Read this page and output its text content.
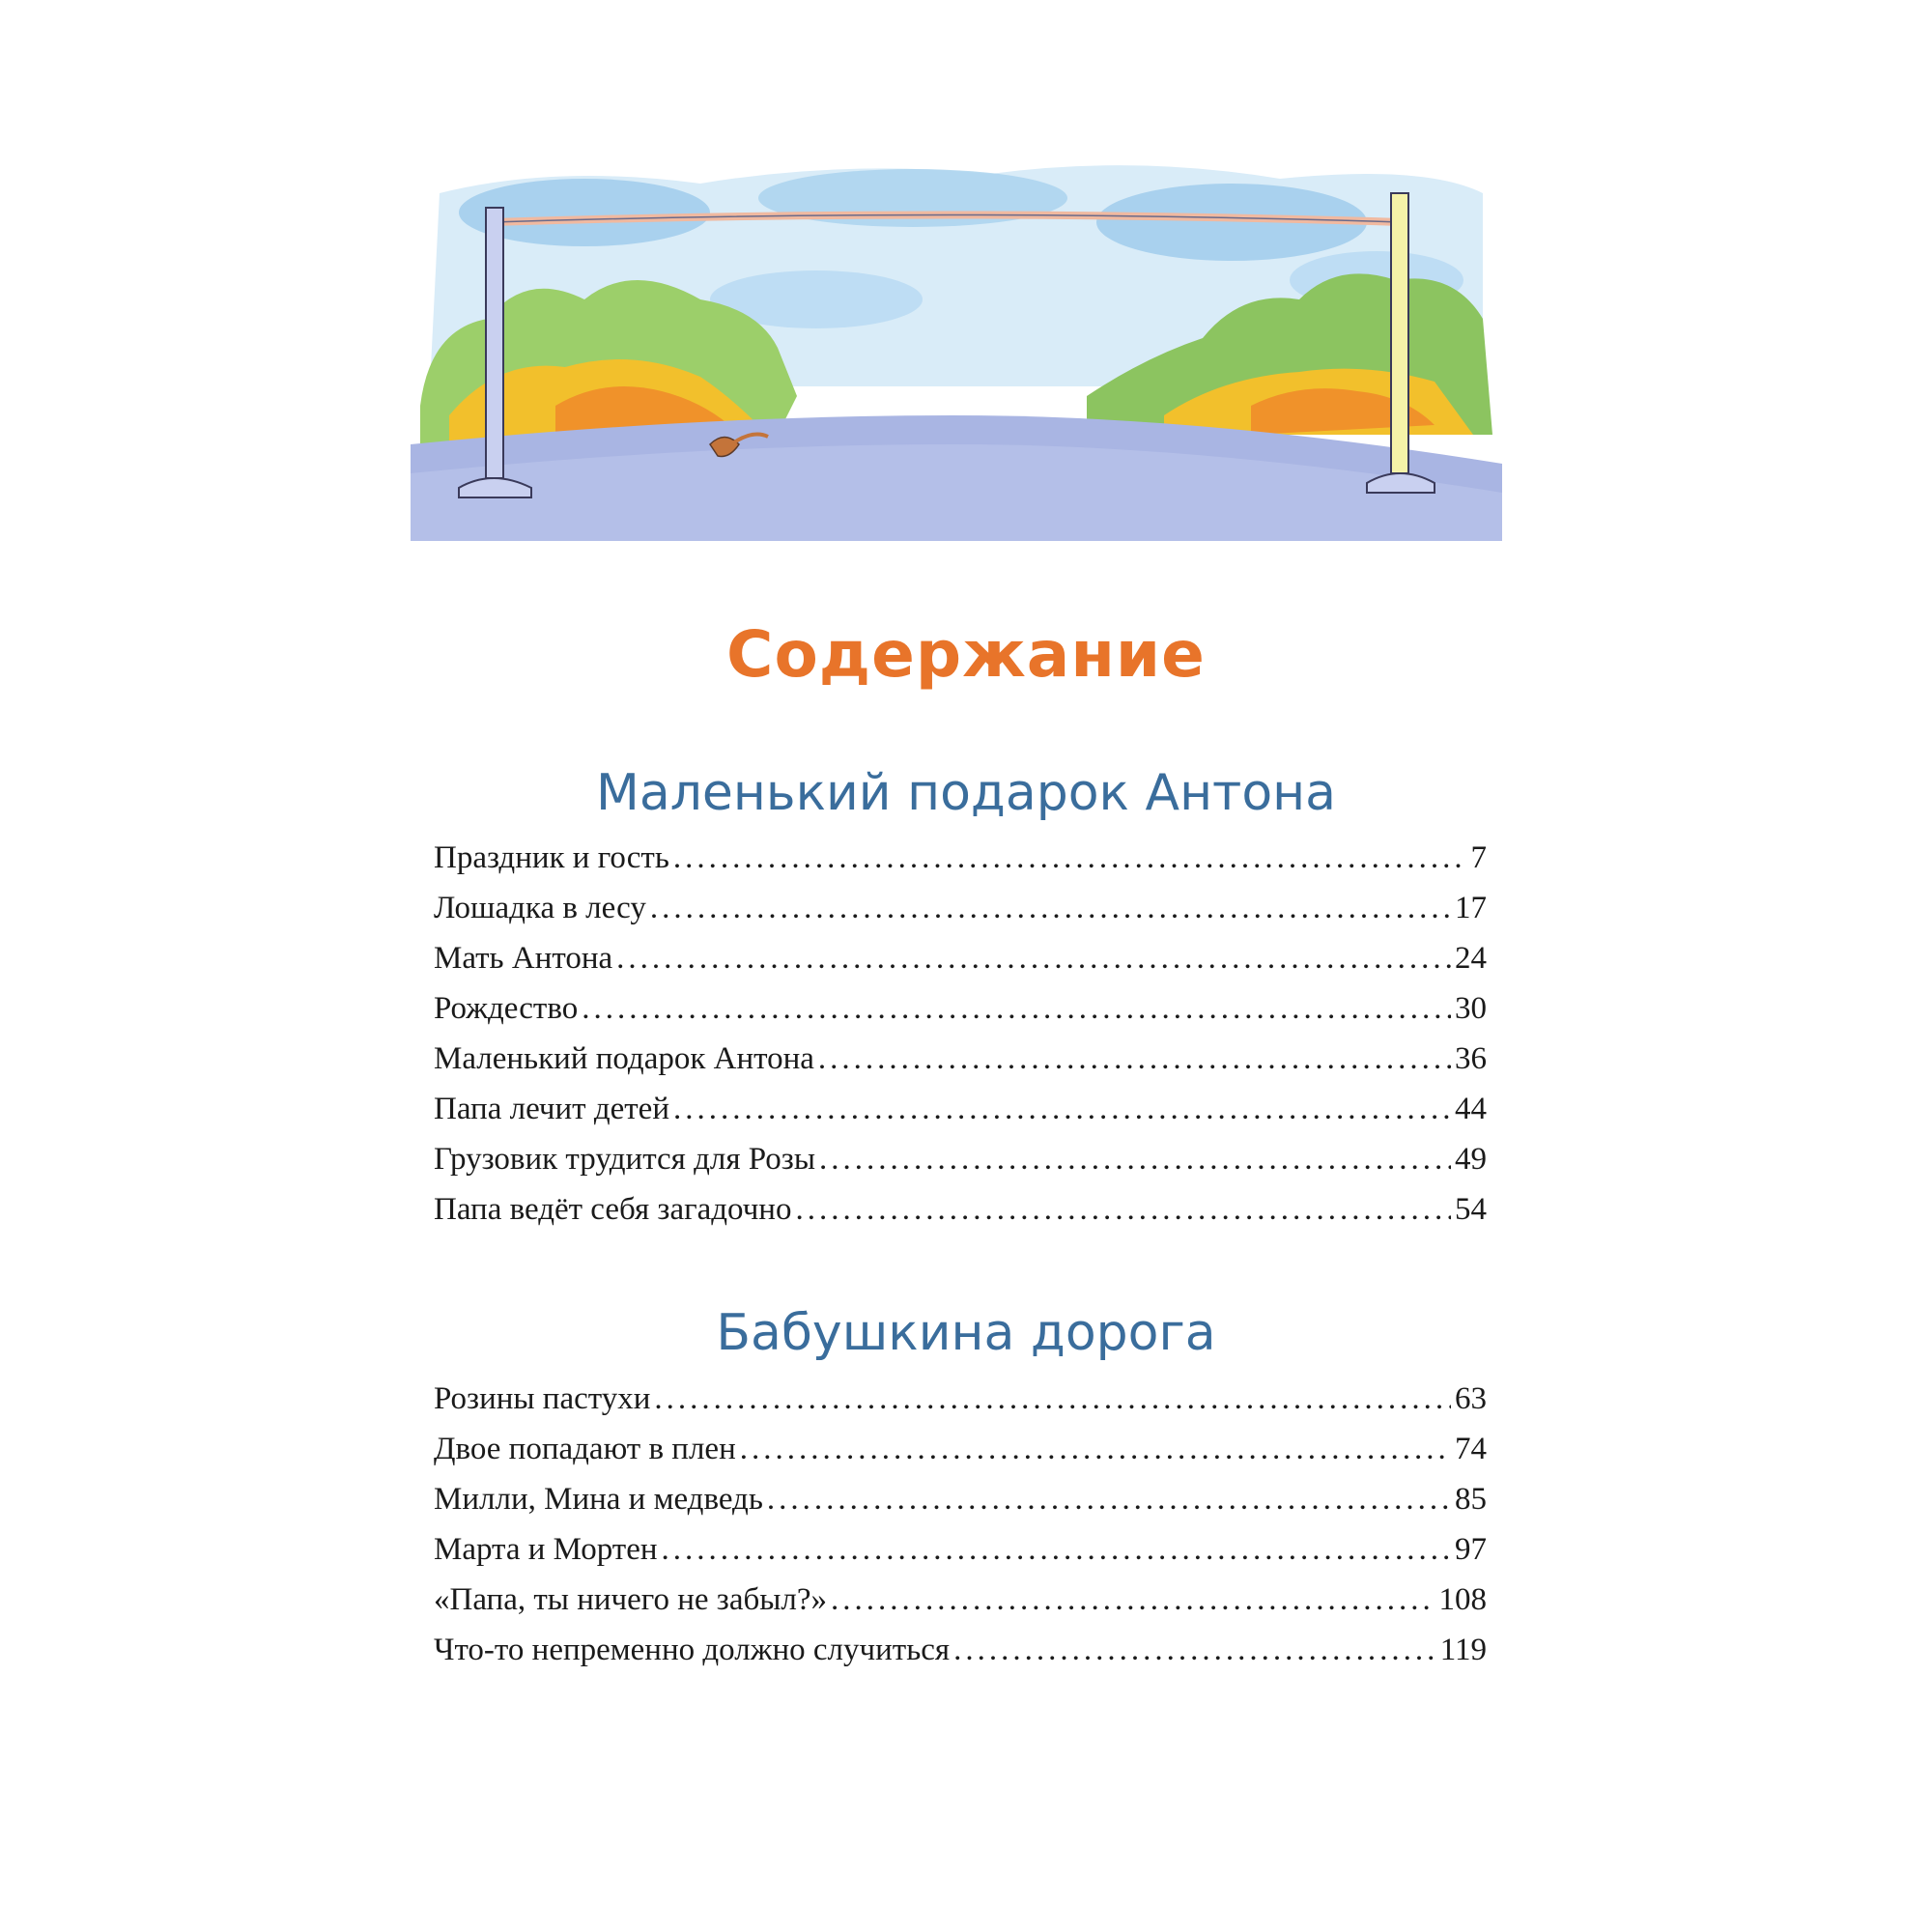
Содержание
Маленький подарок Антона
Праздник и гость .....	7
Лошадка в лесу .....	17
Мать Антона .....	24
Рождество .....	30
Маленький подарок Антона .....	36
Папа лечит детей .....	44
Грузовик трудится для Розы .....	49
Папа ведёт себя загадочно .....	54
Бабушкина дорога
Розины пастухи .....	63
Двое попадают в плен .....	74
Милли, Мина и медведь .....	85
Марта и Мортен .....	97
«Папа, ты ничего не забыл?» .....	108
Что-то непременно должно случиться .....	119
